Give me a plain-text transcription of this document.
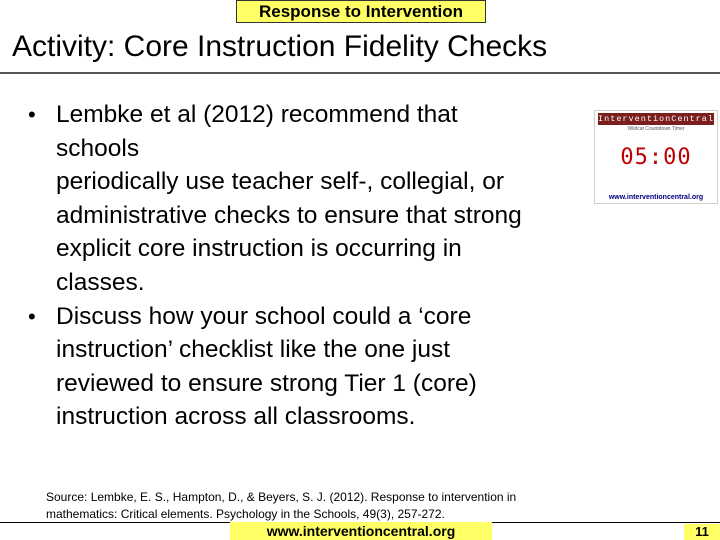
Response to Intervention
Activity: Core Instruction Fidelity Checks
• Lembke et al (2012) recommend that
schools
periodically use teacher self-, collegial, or
administrative checks to ensure that strong
explicit core instruction is occurring in
classes.
• Discuss how your school could a ‘core
instruction’ checklist like the one just
reviewed to ensure strong Tier 1 (core)
instruction across all classrooms.
InterventionCentral
Wildcat Countdown Timer
05:00
www.interventioncentral.org
Source: Lembke, E. S., Hampton, D., & Beyers, S. J. (2012). Response to intervention in
mathematics: Critical elements. Psychology in the Schools, 49(3), 257-272.
www.interventioncentral.org	11
